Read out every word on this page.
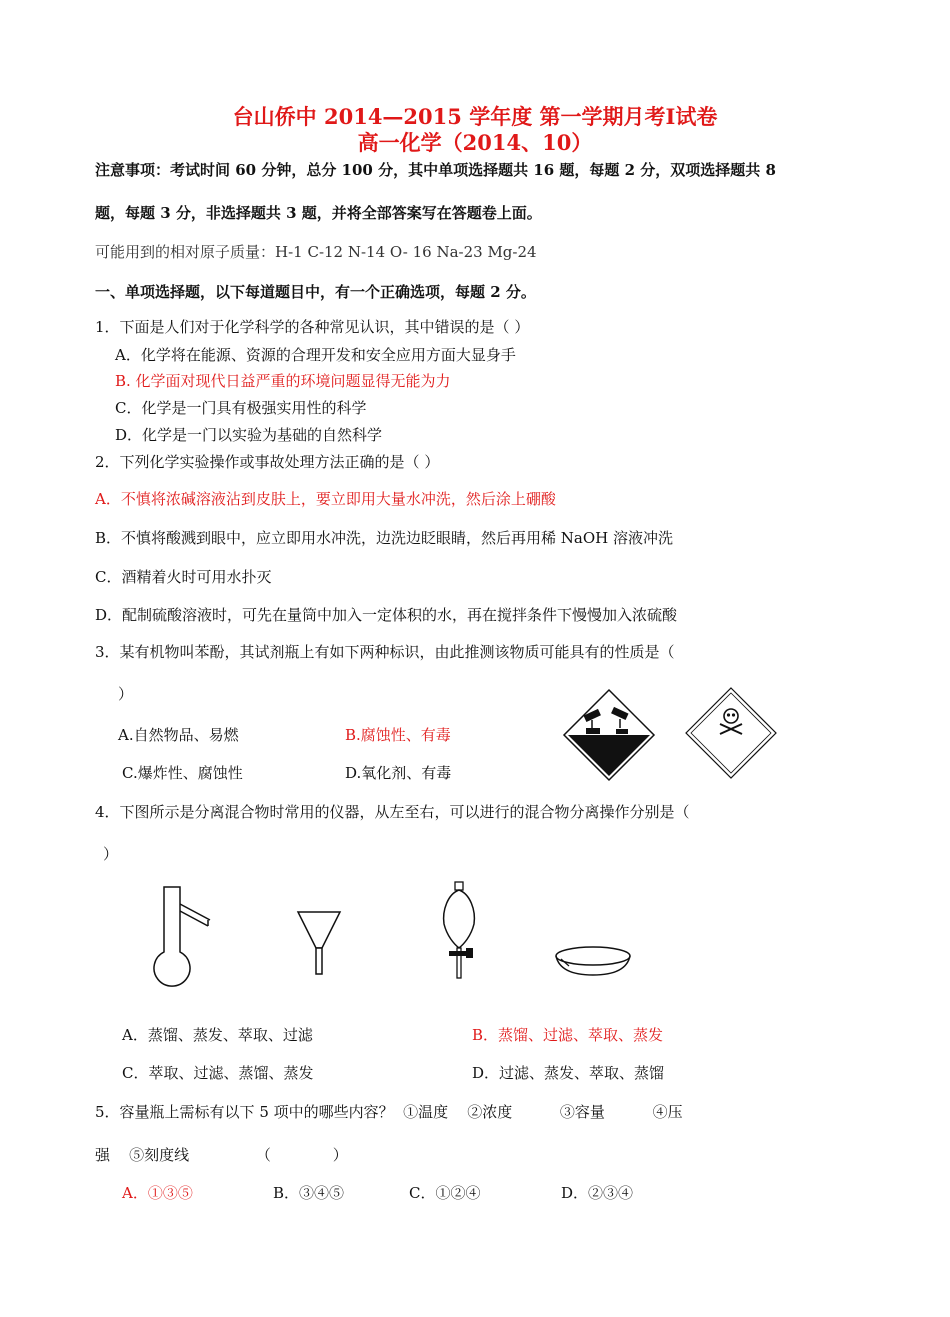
台山侨中 2014—2015 学年度 第一学期月考Ⅰ试卷
高一化学（2014、10）
注意事项：考试时间 60 分钟，总分 100 分，其中单项选择题共 16 题，每题 2 分，双项选择题共 8
题，每题 3 分，非选择题共 3 题，并将全部答案写在答题卷上面。
可能用到的相对原子质量：H-1 C-12 N-14 O- 16 Na-23 Mg-24
一、单项选择题，以下每道题目中，有一个正确选项，每题 2 分。
1．下面是人们对于化学科学的各种常见认识，其中错误的是（ ）
A．化学将在能源、资源的合理开发和安全应用方面大显身手
B. 化学面对现代日益严重的环境问题显得无能为力
C．化学是一门具有极强实用性的科学
D．化学是一门以实验为基础的自然科学
2．下列化学实验操作或事故处理方法正确的是（ ）
A．不慎将浓碱溶液沾到皮肤上，要立即用大量水冲洗，然后涂上硼酸
B．不慎将酸溅到眼中，应立即用水冲洗，边洗边眨眼睛，然后再用稀 NaOH 溶液冲洗
C．酒精着火时可用水扑灭
D．配制硫酸溶液时，可先在量筒中加入一定体积的水，再在搅拌条件下慢慢加入浓硫酸
3．某有机物叫苯酚，其试剂瓶上有如下两种标识，由此推测该物质可能具有的性质是（
）
A.自然物品、易燃	B.腐蚀性、有毒
C.爆炸性、腐蚀性	D.氧化剂、有毒
4．下图所示是分离混合物时常用的仪器，从左至右，可以进行的混合物分离操作分别是（
）
A．蒸馏、蒸发、萃取、过滤	B．蒸馏、过滤、萃取、蒸发
C．萃取、过滤、蒸馏、蒸发	D．过滤、蒸发、萃取、蒸馏
5．容量瓶上需标有以下 5 项中的哪些内容？  ①温度    ②浓度          ③容量          ④压
强    ⑤刻度线              （             ）
A．①③⑤	B．③④⑤	C．①②④	D．②③④
